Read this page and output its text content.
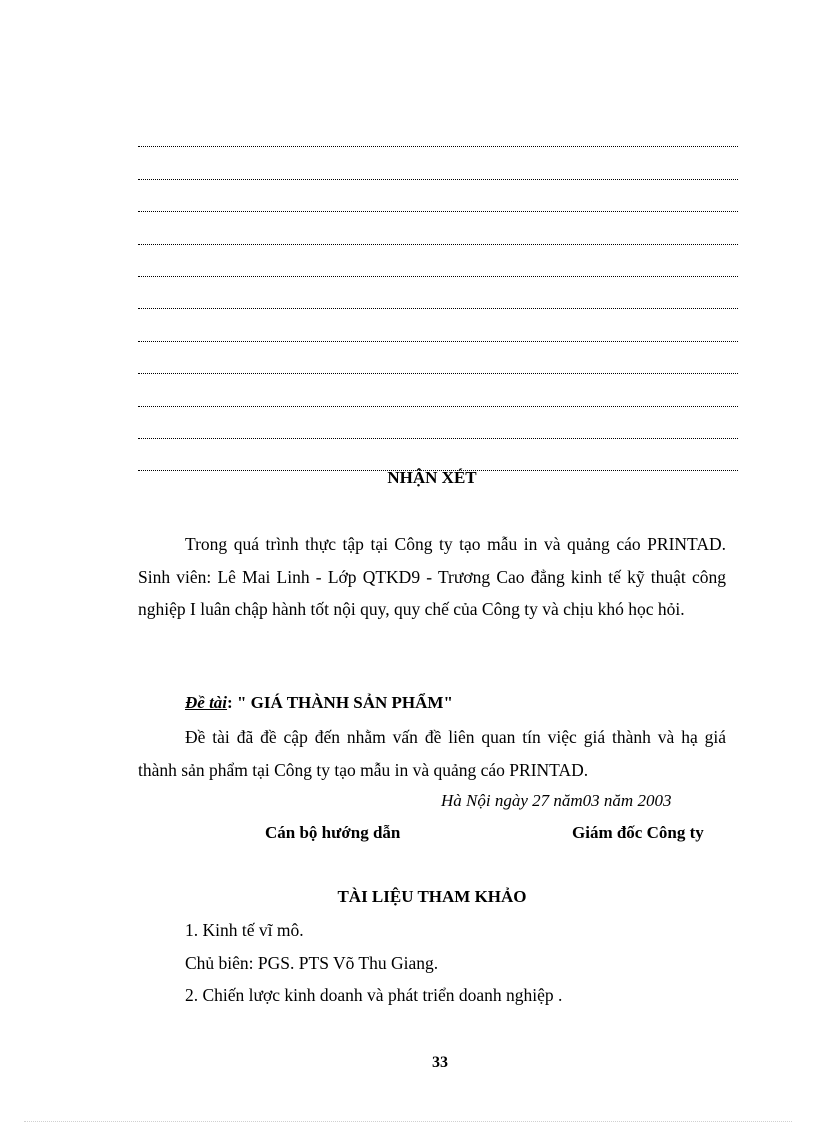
NHẬN XÉT
Trong quá trình thực tập tại Công ty tạo mẫu in và quảng cáo PRINTAD. Sinh viên: Lê Mai Linh - Lớp QTKD9 - Trương Cao đẳng kinh tế kỹ thuật công nghiệp I luân chập hành tốt nội quy, quy chế của Công ty và chịu khó học hỏi.
Đề tài: " GIÁ THÀNH SẢN PHẨM"
Đề tài đã đề cập đến nhằm vấn đề liên quan tín việc giá thành và hạ giá thành sản phẩm tại Công ty tạo mẫu in và quảng cáo PRINTAD.
Hà Nội ngày 27 năm03 năm 2003
Cán bộ hướng dẫn	Giám đốc Công ty
TÀI LIỆU THAM KHẢO
1. Kinh tế vĩ mô.
Chủ biên: PGS. PTS Võ Thu Giang.
2. Chiến lược kinh doanh và phát triển doanh nghiệp .
33
